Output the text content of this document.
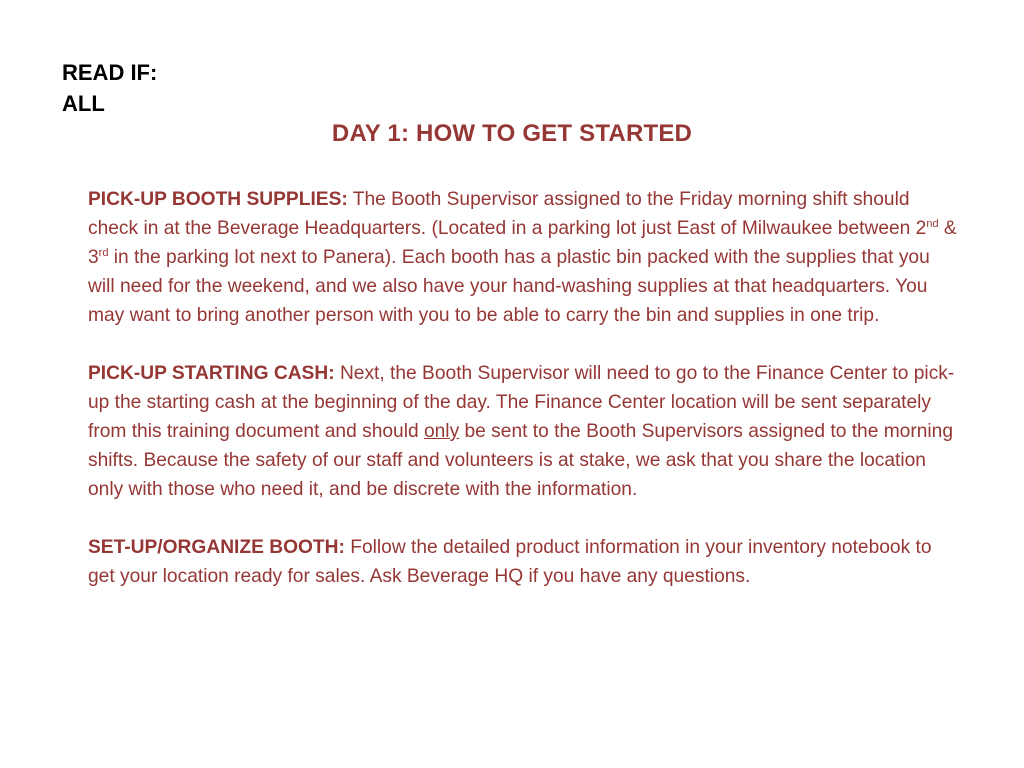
READ IF:
ALL
DAY 1: HOW TO GET STARTED

PICK-UP BOOTH SUPPLIES: The Booth Supervisor assigned to the Friday morning shift should check in at the Beverage Headquarters. (Located in a parking lot just East of Milwaukee between 2nd & 3rd in the parking lot next to Panera). Each booth has a plastic bin packed with the supplies that you will need for the weekend, and we also have your hand-washing supplies at that headquarters. You may want to bring another person with you to be able to carry the bin and supplies in one trip.

PICK-UP STARTING CASH: Next, the Booth Supervisor will need to go to the Finance Center to pick-up the starting cash at the beginning of the day. The Finance Center location will be sent separately from this training document and should only be sent to the Booth Supervisors assigned to the morning shifts. Because the safety of our staff and volunteers is at stake, we ask that you share the location only with those who need it, and be discrete with the information.

SET-UP/ORGANIZE BOOTH: Follow the detailed product information in your inventory notebook to get your location ready for sales. Ask Beverage HQ if you have any questions.
